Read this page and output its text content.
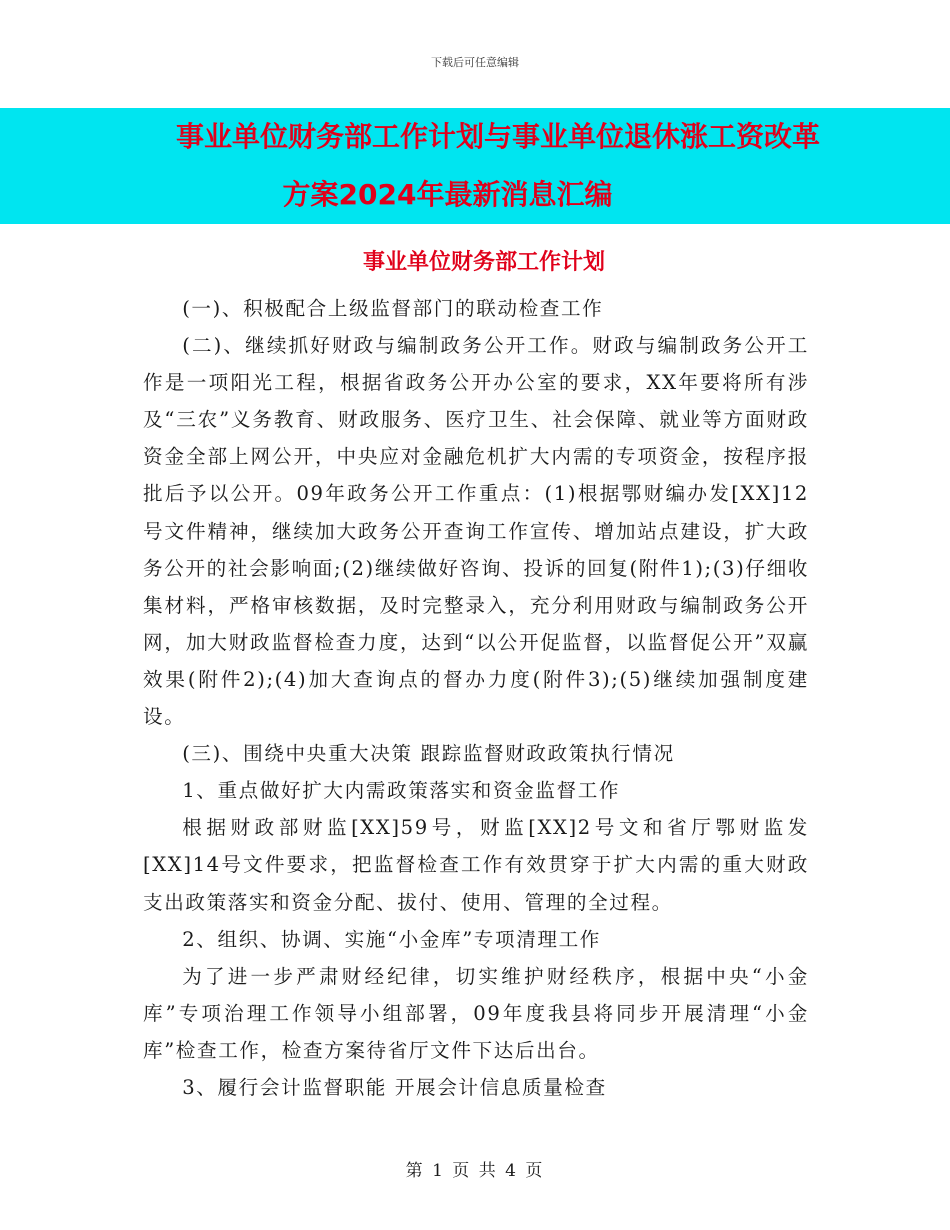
下载后可任意编辑
事业单位财务部工作计划与事业单位退休涨工资改革
方案2024年最新消息汇编
事业单位财务部工作计划

(一)、积极配合上级监督部门的联动检查工作

(二)、继续抓好财政与编制政务公开工作。财政与编制政务公开工作是一项阳光工程，根据省政务公开办公室的要求，XX年要将所有涉及“三农”义务教育、财政服务、医疗卫生、社会保障、就业等方面财政资金全部上网公开，中央应对金融危机扩大内需的专项资金，按程序报批后予以公开。09年政务公开工作重点：(1)根据鄂财编办发[XX]12号文件精神，继续加大政务公开查询工作宣传、增加站点建设，扩大政务公开的社会影响面;(2)继续做好咨询、投诉的回复(附件1);(3)仔细收集材料，严格审核数据，及时完整录入，充分利用财政与编制政务公开网，加大财政监督检查力度，达到“以公开促监督，以监督促公开”双赢效果(附件2);(4)加大查询点的督办力度(附件3);(5)继续加强制度建设。

(三)、围绕中央重大决策 跟踪监督财政政策执行情况

1、重点做好扩大内需政策落实和资金监督工作

根据财政部财监[XX]59号，财监[XX]2号文和省厅鄂财监发[XX]14号文件要求，把监督检查工作有效贯穿于扩大内需的重大财政支出政策落实和资金分配、拔付、使用、管理的全过程。

2、组织、协调、实施“小金库”专项清理工作

为了进一步严肃财经纪律，切实维护财经秩序，根据中央“小金库”专项治理工作领导小组部署，09年度我县将同步开展清理“小金库”检查工作，检查方案待省厅文件下达后出台。

3、履行会计监督职能 开展会计信息质量检查

第 1 页 共 4 页
